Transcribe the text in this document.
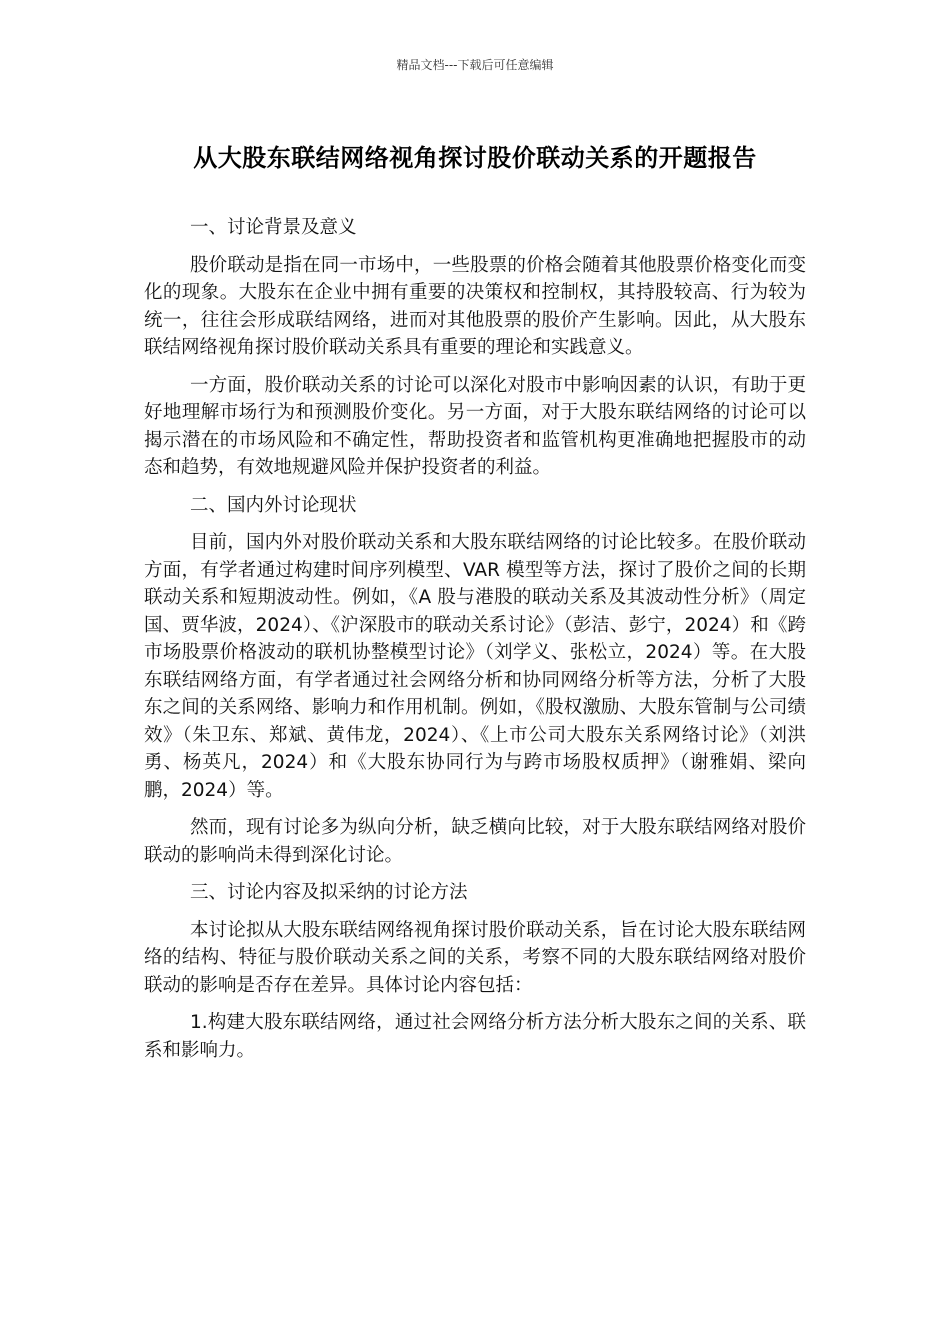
精品文档---下载后可任意编辑
从大股东联结网络视角探讨股价联动关系的开题报告

一、讨论背景及意义

股价联动是指在同一市场中，一些股票的价格会随着其他股票价格变化而变化的现象。大股东在企业中拥有重要的决策权和控制权，其持股较高、行为较为统一，往往会形成联结网络，进而对其他股票的股价产生影响。因此，从大股东联结网络视角探讨股价联动关系具有重要的理论和实践意义。

一方面，股价联动关系的讨论可以深化对股市中影响因素的认识，有助于更好地理解市场行为和预测股价变化。另一方面，对于大股东联结网络的讨论可以揭示潜在的市场风险和不确定性，帮助投资者和监管机构更准确地把握股市的动态和趋势，有效地规避风险并保护投资者的利益。

二、国内外讨论现状

目前，国内外对股价联动关系和大股东联结网络的讨论比较多。在股价联动方面，有学者通过构建时间序列模型、VAR 模型等方法，探讨了股价之间的长期联动关系和短期波动性。例如，《A 股与港股的联动关系及其波动性分析》（周定国、贾华波，2024）、《沪深股市的联动关系讨论》（彭洁、彭宁，2024）和《跨市场股票价格波动的联机协整模型讨论》（刘学义、张松立，2024）等。在大股东联结网络方面，有学者通过社会网络分析和协同网络分析等方法，分析了大股东之间的关系网络、影响力和作用机制。例如，《股权激励、大股东管制与公司绩效》（朱卫东、郑斌、黄伟龙，2024）、《上市公司大股东关系网络讨论》（刘洪勇、杨英凡，2024）和《大股东协同行为与跨市场股权质押》（谢雅娟、梁向鹏，2024）等。

然而，现有讨论多为纵向分析，缺乏横向比较，对于大股东联结网络对股价联动的影响尚未得到深化讨论。

三、讨论内容及拟采纳的讨论方法

本讨论拟从大股东联结网络视角探讨股价联动关系，旨在讨论大股东联结网络的结构、特征与股价联动关系之间的关系，考察不同的大股东联结网络对股价联动的影响是否存在差异。具体讨论内容包括：

1.构建大股东联结网络，通过社会网络分析方法分析大股东之间的关系、联系和影响力。
